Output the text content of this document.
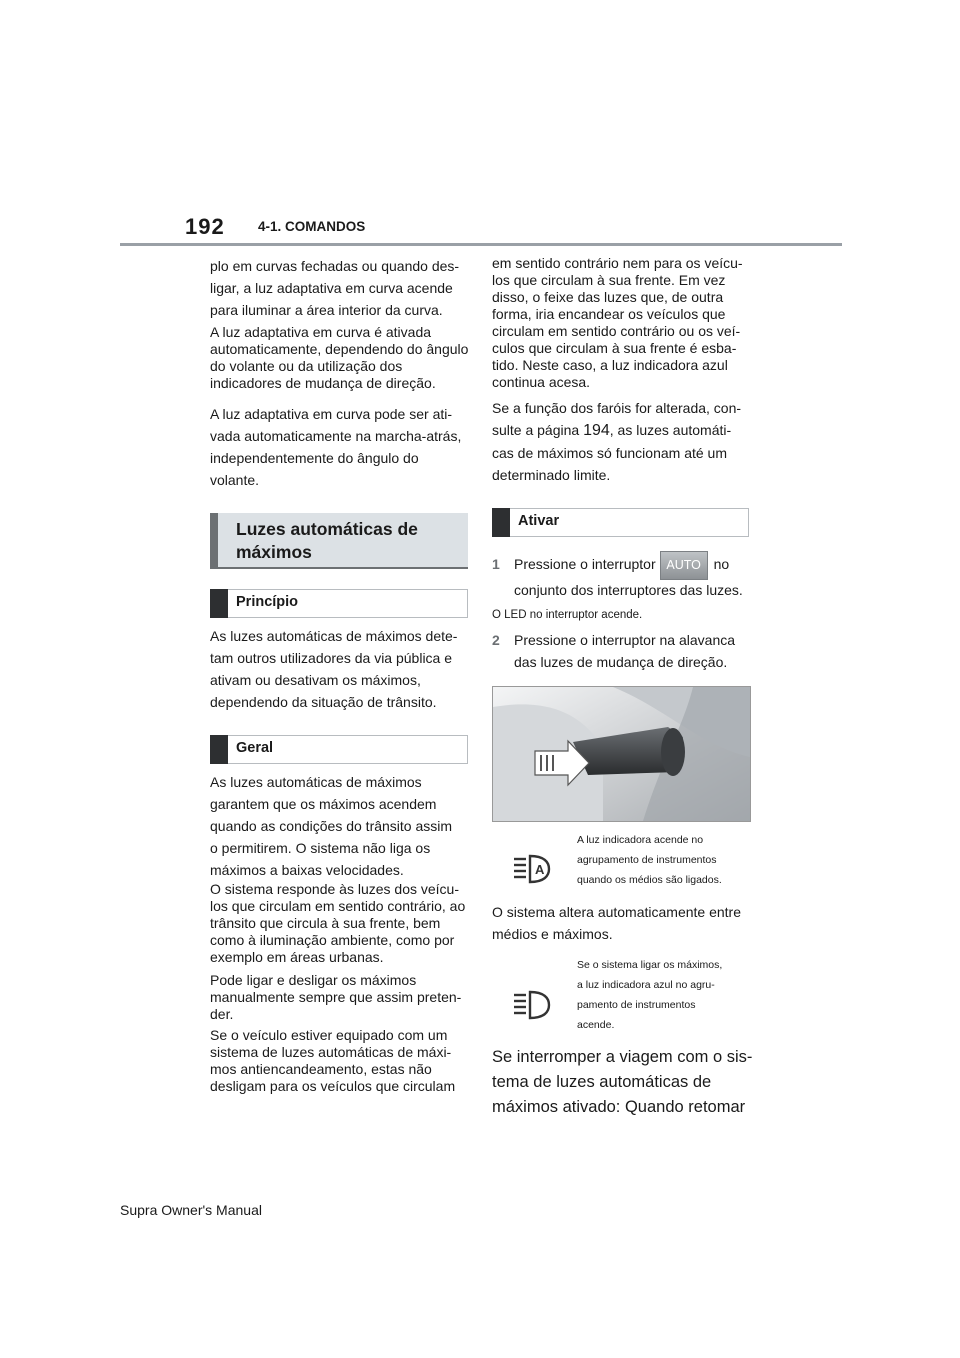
192 4-1. COMANDOS
plo em curvas fechadas ou quando des-
ligar, a luz adaptativa em curva acende
para iluminar a área interior da curva.
A luz adaptativa em curva é ativada automaticamente, dependendo do ângulo do volante ou da utilização dos indicadores de mudança de direção.
A luz adaptativa em curva pode ser ati-
vada automaticamente na marcha-atrás,
independentemente do ângulo do
volante.
Luzes automáticas de máximos
Princípio
As luzes automáticas de máximos dete-
tam outros utilizadores da via pública e
ativam ou desativam os máximos,
dependendo da situação de trânsito.
Geral
As luzes automáticas de máximos
garantem que os máximos acendem
quando as condições do trânsito assim
o permitirem. O sistema não liga os
máximos a baixas velocidades.
O sistema responde às luzes dos veícu- los que circulam em sentido contrário, ao trânsito que circula à sua frente, bem como à iluminação ambiente, como por exemplo em áreas urbanas.
Pode ligar e desligar os máximos manualmente sempre que assim preten- der.
Se o veículo estiver equipado com um sistema de luzes automáticas de máxi- mos antiencandeamento, estas não desligam para os veículos que circulam
em sentido contrário nem para os veícu- los que circulam à sua frente. Em vez disso, o feixe das luzes que, de outra forma, iria encandear os veículos que circulam em sentido contrário ou os veí- culos que circulam à sua frente é esba- tido. Neste caso, a luz indicadora azul continua acesa.
Se a função dos faróis for alterada, con-
sulte a página 194, as luzes automáti-
cas de máximos só funcionam até um
determinado limite.
Ativar
1 Pressione o interruptor AUTO no
conjunto dos interruptores das luzes.
O LED no interruptor acende.
2 Pressione o interruptor na alavanca
das luzes de mudança de direção.
A
A luz indicadora acende no
agrupamento de instrumentos
quando os médios são ligados.
O sistema altera automaticamente entre
médios e máximos.
Se o sistema ligar os máximos,
a luz indicadora azul no agru-
pamento de instrumentos
acende.
Se interromper a viagem com o sis-
tema de luzes automáticas de
máximos ativado: Quando retomar
Supra Owner's Manual
